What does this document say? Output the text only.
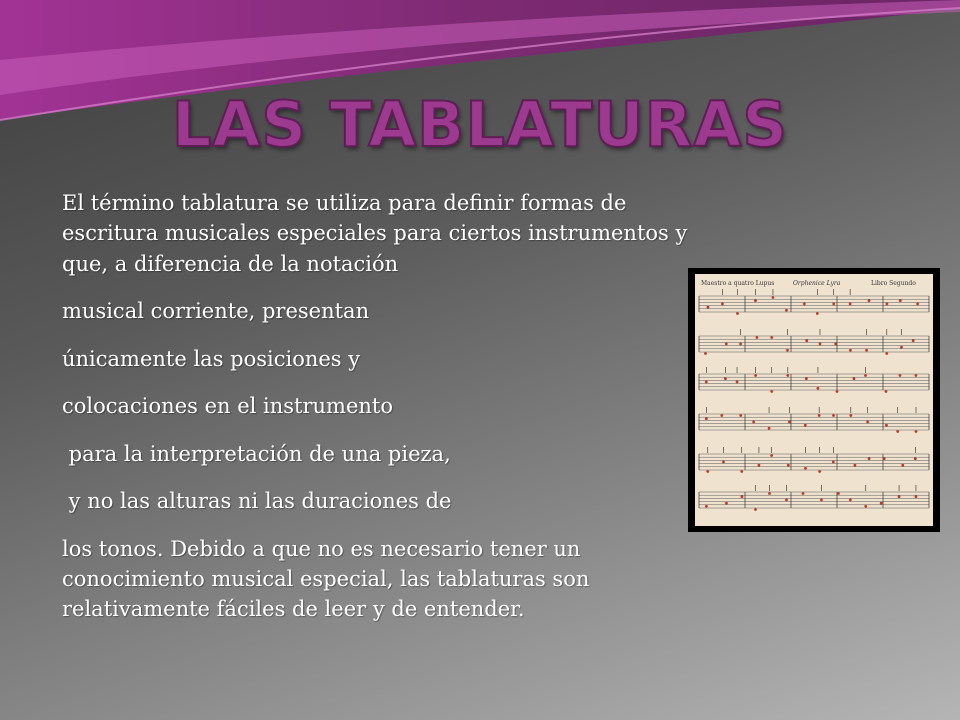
LAS TABLATURAS

El término tablatura se utiliza para definir formas de

escritura musicales especiales para ciertos instrumentos y

que, a diferencia de la notación

musical corriente, presentan

únicamente las posiciones y

colocaciones en el instrumento

para la interpretación de una pieza,

y no las alturas ni las duraciones de

los tonos. Debido a que no es necesario tener un

conocimiento musical especial, las tablaturas son

relativamente fáciles de leer y de entender.

Maestro a quatro Lupus	Orphenice Lyra	Libro Segundo
